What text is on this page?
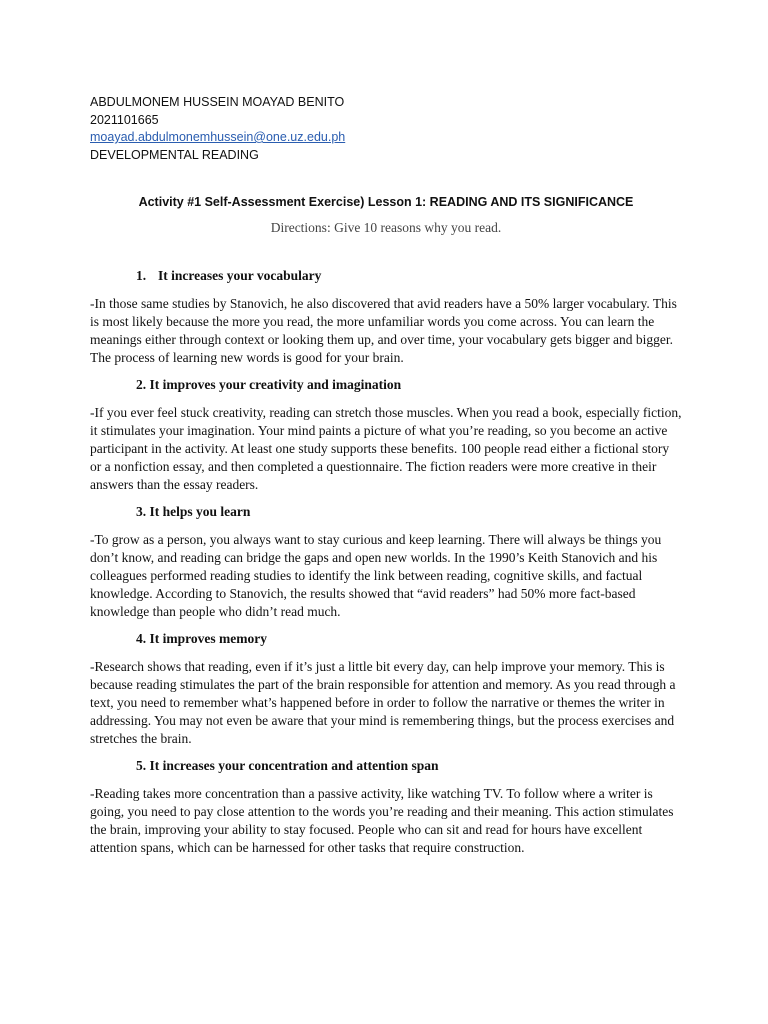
ABDULMONEM HUSSEIN MOAYAD BENITO
2021101665
moayad.abdulmonemhussein@one.uz.edu.ph
DEVELOPMENTAL READING
Activity #1 Self-Assessment Exercise) Lesson 1: READING AND ITS SIGNIFICANCE
Directions: Give 10 reasons why you read.
1. It increases your vocabulary

-In those same studies by Stanovich, he also discovered that avid readers have a 50% larger vocabulary. This is most likely because the more you read, the more unfamiliar words you come across. You can learn the meanings either through context or looking them up, and over time, your vocabulary gets bigger and bigger. The process of learning new words is good for your brain.

2. It improves your creativity and imagination

-If you ever feel stuck creativity, reading can stretch those muscles. When you read a book, especially fiction, it stimulates your imagination. Your mind paints a picture of what you’re reading, so you become an active participant in the activity. At least one study supports these benefits. 100 people read either a fictional story or a nonfiction essay, and then completed a questionnaire. The fiction readers were more creative in their answers than the essay readers.

3. It helps you learn

-To grow as a person, you always want to stay curious and keep learning. There will always be things you don’t know, and reading can bridge the gaps and open new worlds. In the 1990’s Keith Stanovich and his colleagues performed reading studies to identify the link between reading, cognitive skills, and factual knowledge. According to Stanovich, the results showed that “avid readers” had 50% more fact-based knowledge than people who didn’t read much.

4. It improves memory

-Research shows that reading, even if it’s just a little bit every day, can help improve your memory. This is because reading stimulates the part of the brain responsible for attention and memory. As you read through a text, you need to remember what’s happened before in order to follow the narrative or themes the writer in addressing. You may not even be aware that your mind is remembering things, but the process exercises and stretches the brain.

5. It increases your concentration and attention span

-Reading takes more concentration than a passive activity, like watching TV. To follow where a writer is going, you need to pay close attention to the words you’re reading and their meaning. This action stimulates the brain, improving your ability to stay focused. People who can sit and read for hours have excellent attention spans, which can be harnessed for other tasks that require construction.
